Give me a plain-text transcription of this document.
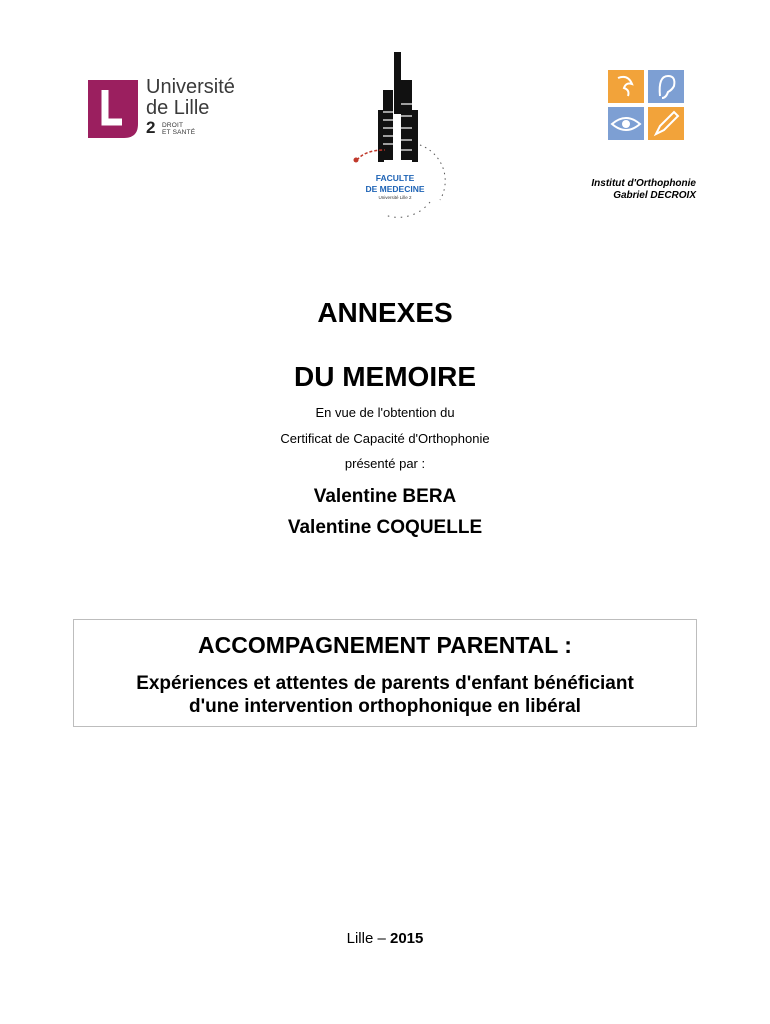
Université
de Lille
2 DROIT
ET SANTÉ
FACULTE
DE MEDECINE
Université Lille 2
Institut d'Orthophonie
Gabriel DECROIX
ANNEXES
DU MEMOIRE
En vue de l'obtention du
Certificat de Capacité d'Orthophonie
présenté par :
Valentine BERA
Valentine COQUELLE
ACCOMPAGNEMENT PARENTAL :
Expériences et attentes de parents d'enfant bénéficiant
d'une intervention orthophonique en libéral
Lille – 2015
